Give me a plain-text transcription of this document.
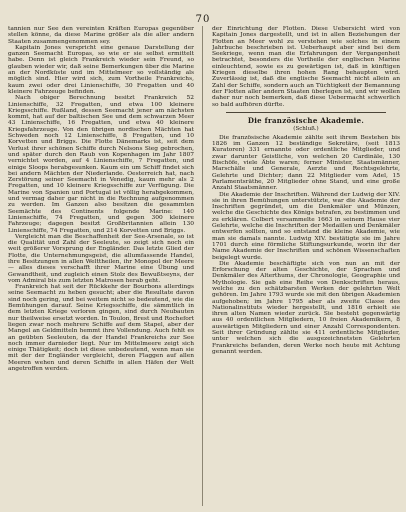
70

tannien nur See den vereinten Kräften Europas gegenüber stellen könne, da diese Marine größer als die aller andern Staaten zusammengenommen sey.

Kapitain Jones verspricht eine genaue Darstellung der ganzen Seemacht Europas, so wie er sie selbst ermittelt habe. Denn ist gleich Frankreich wieder sein Freund, so glauben wieder wir, daß seine Bemerkungen über die Marine an der Nordküste und im Mittelmeer so vollständig als möglich sind. Hier wird sich, zum Vortheile Frankreichs, kaum zwei oder drei Linienschiffe, 30 Fregatten und 40 kleinere Fahrzeuge befinden.

Nach obiger Berechnung besitzt Frankreich 52 Linienschiffe, 32 Fregatten, und etwa 100 kleinere Kriegsschiffe. Rußland, dessen Seemacht jener am nächsten kommt, hat auf der baltischen See und dem schwarzen Meer 43 Linienschiffe, 16 Fregatten, und etwa 40 kleinere Kriegsfahrzeuge. Von den übrigen nordischen Mächten hat Schweden noch 12 Linienschiffe, 8 Fregatten, und 10 Korvetten und Briggs. Die Flotte Dänemarks ist, seit dem Verlust ihrer schönen Schiffe durch Nelsons Sieg gebrochen, und später durch den Raub von Kopenhagen im Jahr 1807 vernichtet worden, auf 4 Linienschiffe, 7 Fregatten, und einige Sloops herabgesunken. Kaum ein um Schiff findet sich bei andern Mächten der Niederlande. Oesterreich hat, nach Zerstörung seiner Seemacht in Venedig, kaum mehr als 2 Fregatten, und 10 kleinere Kriegsschiffe zur Verfügung. Die Marine von Spanien und Portugal ist völlig herabgekommen, und vermag daher gar nicht in die Rechnung aufgenommen zu werden. Im Ganzen also besitzen die gesammten Seemächte des Continents folgende Marine: 140 Linienschiffe, 74 Fregatten, und gegen 300 kleinere Fahrzeuge; dagegen besitzt Großbritannien allein 130 Linienschiffe, 74 Fregatten, und 214 Korvetten und Briggs.

Vergleicht man die Beschaffenheit der See-Arsenale, so ist die Qualität und Zahl der Seeleute, so zeigt sich noch ein weit größerer Vorsprung der Engländer. Das letzte Glied der Flotte, die Unternehmungsgeist, die allumfassende Handel, ihre Besitzungen in allen Welttheilen, ihr Monopol der Meere — alles dieses verschafft ihrer Marine eine Übung und Gewandtheit, und zugleich einen Stolz des Bewußtseyns, der vom Admiral bis zum letzten Matrosen herab geht.

Frankreich hat seit der Rückkehr der Bourbons allerdings seine Seemacht zu heben gesucht; aber die Resultate davon sind noch gering, und bei weitem nicht so bedeutend, wie die Bemühungen darauf. Seine Kriegsschiffe, die sämmtlich in dem letzten Kriege verloren gingen, sind durch Neubauten nur theilweise ersetzt worden. In Toulon, Brest und Rochefort liegen zwar noch mehrere Schiffe auf dem Stapel, aber der Mangel an Geldmitteln hemmt ihre Vollendung. Auch fehlt es an geübten Seeleuten, da der Handel Frankreichs zur See noch immer darnieder liegt. Nur im Mittelmeere zeigt sich einige Thätigkeit; doch ist diese unbedeutend, wenn man sie mit der der Engländer vergleicht, deren Flaggen auf allen Meeren wehen und deren Schiffe in allen Häfen der Welt angetroffen werden.

der Einrichtung der Flotten. Diese Uebersicht wird von Kapitain Jones dargestellt, und ist in allen Beziehungen der Flotten an Meer wohl zu verstehen wie solches in einem Jahrbuche beschrieben ist. Ueberhaupt aber sind bei dem Seekriege, wenn man die Erfahrungen der Vergangenheit betrachtet, besonders die Vortheile der englischen Marine einleuchtend, sowie es zu gewärtigen ist, daß in künftigen Kriegen dieselbe ihren hohen Rang behaupten wird. Zuverlässig ist, daß die englische Seemacht nicht allein an Zahl der Schiffe, sondern auch an Tüchtigkeit der Bemannung der Flotten aller andern Staaten überlegen ist, und wir wollen daher nur noch bemerken, daß diese Uebermacht schwerlich so bald aufhören dürfte.

Die französische Akademie.
(Schluß.)

Die französische Akademie zählte seit ihrem Bestehen bis 1826 im Ganzen 12 beständige Sekretäre, (seit 1813 Kuratoren) 331 ernannte oder ordentliche Mitglieder, und zwar darunter Geistliche, von welchen 20 Cardinäle, 130 Bischöfe, viele Äbte waren; ferner Minister, Staatsmänner, Marschälle und Generale, Aerzte und Rechtsgelehrte, Gelehrte und Dichter; dann 22 Mitglieder vom Adel, 15 Parlamentsräthe, 20 Mitglieder ohne Stand, und eine große Anzahl Staatsmänner.

Die Akademie der Inschriften. Während der Ludwig der XIV. sie in ihren Bemühungen unterstützte, war die Akademie der Inschriften gegründet, um die Denkmäler und Münzen, welche die Geschichte des Königs betrafen, zu bestimmen und zu erklären. Colbert versammelte 1663 in seinem Hause vier Gelehrte, welche die Inschriften der Medaillen und Denkmäler entwerfen sollten, und so entstand die kleine Akademie, wie man sie damals nannte. Ludwig XIV. bestätigte sie im Jahre 1701 durch eine förmliche Stiftungsurkunde, worin ihr der Name Akademie der Inschriften und schönen Wissenschaften beigelegt wurde.

Die Akademie beschäftigte sich von nun an mit der Erforschung der alten Geschichte, der Sprachen und Denkmäler des Alterthums, der Chronologie, Geographie und Mythologie. Sie gab eine Reihe von Denkschriften heraus, welche zu den schätzbarsten Werken der gelehrten Welt gehören. Im Jahre 1793 wurde sie mit den übrigen Akademien aufgehoben; im Jahre 1795 aber als zweite Classe des Nationalinstituts wieder hergestellt, und 1816 erhielt sie ihren alten Namen wieder zurück. Sie besteht gegenwärtig aus 40 ordentlichen Mitgliedern, 10 freien Akademikern, 8 auswärtigen Mitgliedern und einer Anzahl Correspondenten. Seit ihrer Gründung zählte sie 411 ordentliche Mitglieder, unter welchen sich die ausgezeichnetsten Gelehrten Frankreichs befanden, deren Werke noch heute mit Achtung genannt werden.
